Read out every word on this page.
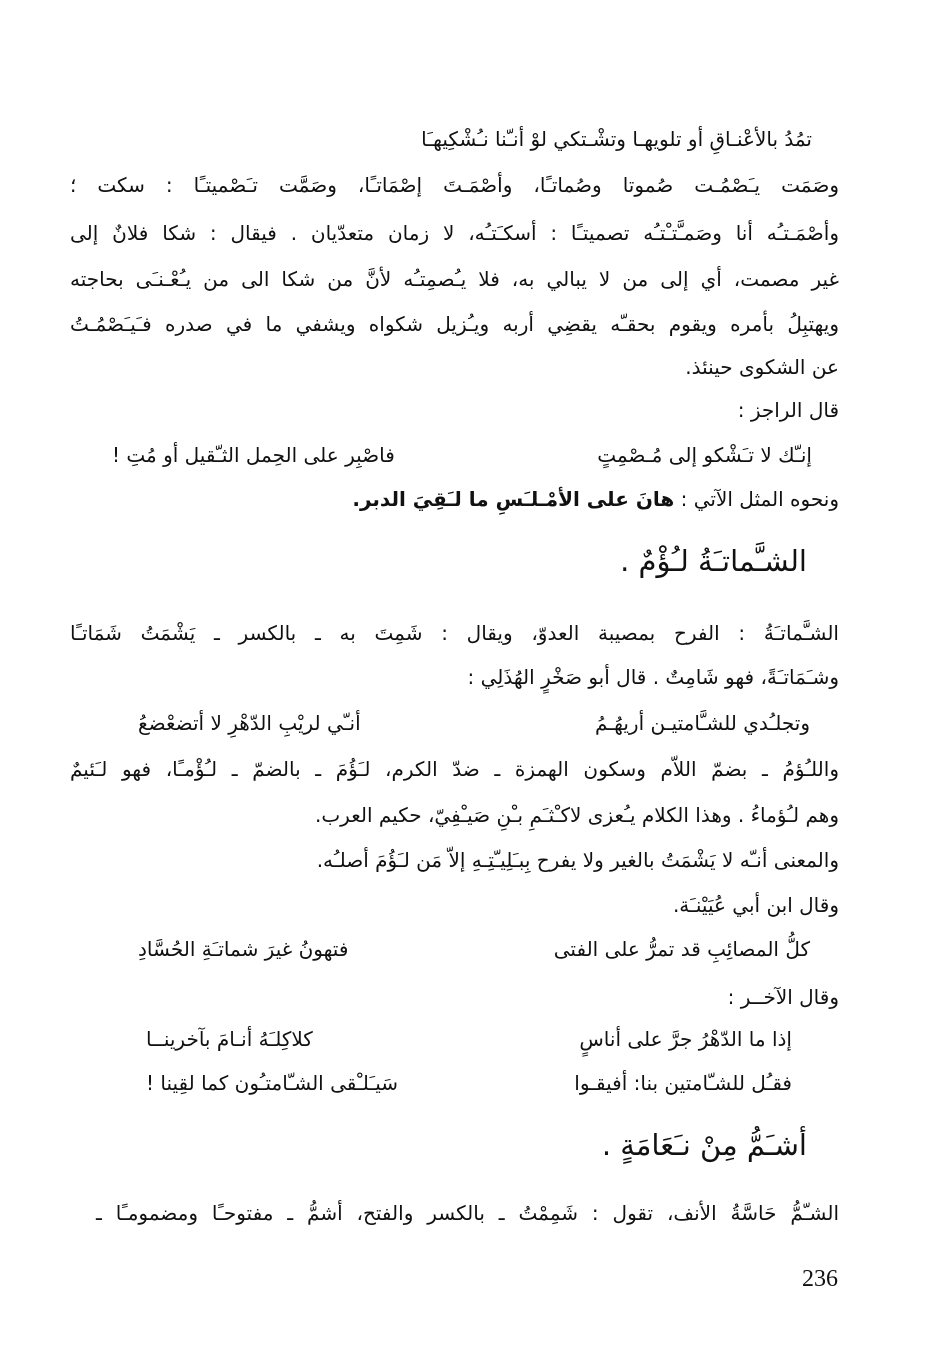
تمُدُ بالأعْنـاقِ أو تلويهـا وتشْـتكي لوْ أنـّنا نـُشْكِيهـَا
وصَمَت يـَصْمُـت صُموتا وصُماتـًا، وأصْمَـتَ إصْمَاتـًا، وصَمَّت تـَصْميتـًا : سكت ؛
وأصْمَـتـُه أنا وصَمـَّتـْتـُه تصميتـًا : أسكـَتـُه، لا زمان متعدّيان . فيقال : شكا فلانٌ إلى
غير مصمت، أي إلى من لا يبالي به، فلا يـُصمِتـُه لأنَّ من شكا الى من يـُعْـنـَى بحاجته
ويهتبِلُ بأمره ويقوم بحقـّه يقضِي أربه ويـُزيل شكواه ويشفي ما في صدره فـَيـَصْمُـتُ
عن الشكوى حينئذ.
قال الراجز :
إنـّك لا تـَشْكو إلى مُـصْمِتٍ
فاصْبِر على الحِمل الثـّقيل أو مُتِ !
ونحوه المثل الآتي : هانَ على الأمْـلـَسِ ما لـَقِيَ الدبر.
الشـَّماتـَةُ لـُؤْمٌ .
الشـَّماتـَةُ : الفرح بمصيبة العدوّ، ويقال : شَمِتَ به ـ بالكسر ـ يَشْمَتُ شَمَاتـًا
وشـَمَاتـَةً، فهو شَامِتٌ . قال أبو صَخْرٍ الهُذَلِي :
وتجلـُدي للشـَّامتيـن أريهُـمُ
أنـّي لريْبِ الدّهْرِ لا أتضعْضعُ
واللـُؤمُ ـ بضمّ اللاّم وسكون الهمزة ـ ضدّ الكرم، لـَؤُمَ ـ بالضمّ ـ لـُؤْمـًا، فهو لـَئيمٌ
وهم لـُؤماءُ . وهذا الكلام يـُعزى لاكـْثـَمِ بـْنِ صَيـْفِيّ، حكيم العرب.
والمعنى أنـّه لا يَشْمَتُ بالغير ولا يفرح بِبـَلِيـّتِـهِ إلاّ مَن لـَؤُمَ أصلـُه.
وقال ابن أبي عُيَيْنـَة.
كلُّ المصائِبِ قد تمرُّ على الفتى
فتهونُ غيرَ شماتـَةِ الحُسَّادِ
وقال الآخــر :
إذا ما الدّهْرُ جرَّ على أناسٍ
كلاكِلـَهُ أنـامَ بآخرينــا
فقـُل للشـّامتين بنا: أفيقـوا
سَيـَلـْقى الشـّامتـُون كما لقِينا !
أشـَمُّ مِنْ نـَعَامَةٍ .
الشـّمُّ حَاسَّةُ الأنف، تقول : شَمِمْتُ ـ بالكسر والفتح، أشمُّ ـ مفتوحـًا ومضمومـًا ـ
236
